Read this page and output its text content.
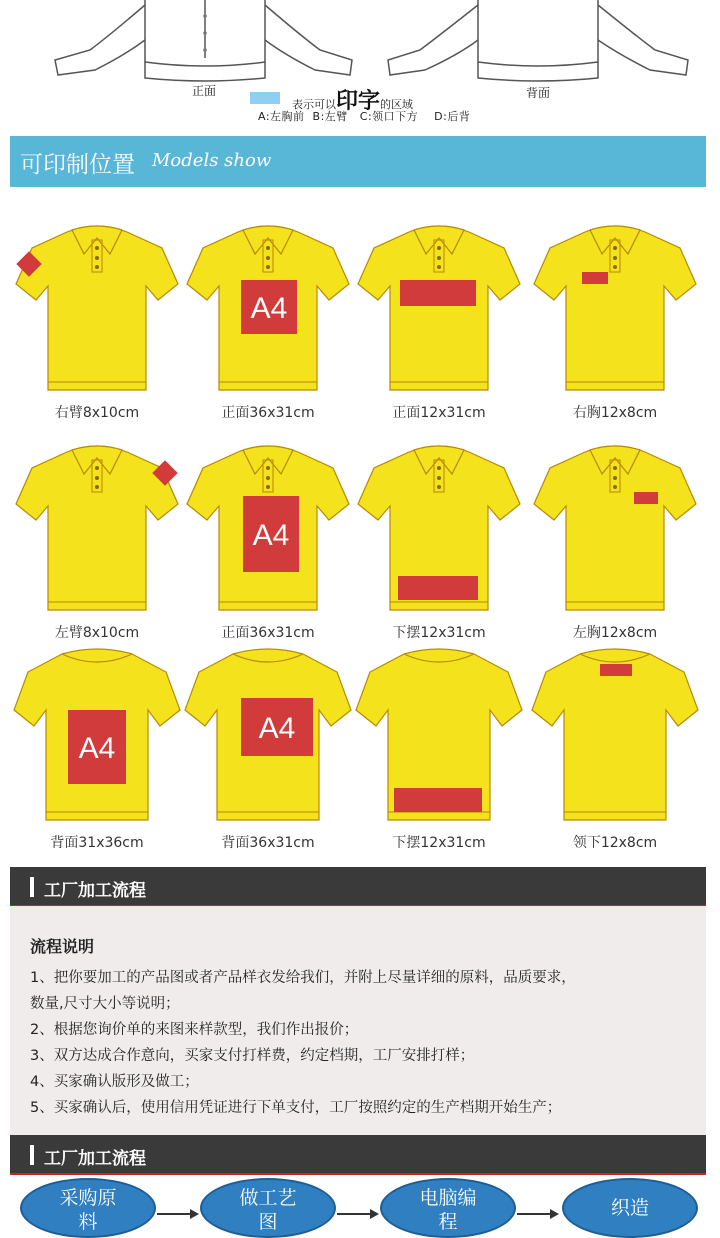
正面	背面
表示可以印字的区域
A:左胸前  B:左臂   C:领口下方    D:后背
可印制位置 Models show
右臂8x10cm
A4
正面36x31cm	正面12x31cm	右胸12x8cm
左臂8x10cm
A4
正面36x31cm	下摆12x31cm	左胸12x8cm
A4
背面31x36cm
A4
背面36x31cm	下摆12x31cm	领下12x8cm
工厂加工流程
流程说明
1、把你要加工的产品图或者产品样衣发给我们，并附上尽量详细的原料，品质要求，
数量,尺寸大小等说明；
2、根据您询价单的来图来样款型，我们作出报价；
3、双方达成合作意向，买家支付打样费，约定档期，工厂安排打样；
4、买家确认版形及做工；
5、买家确认后，使用信用凭证进行下单支付，工厂按照约定的生产档期开始生产；
工厂加工流程
采购原
料
做工艺
图
电脑编
程
织造
